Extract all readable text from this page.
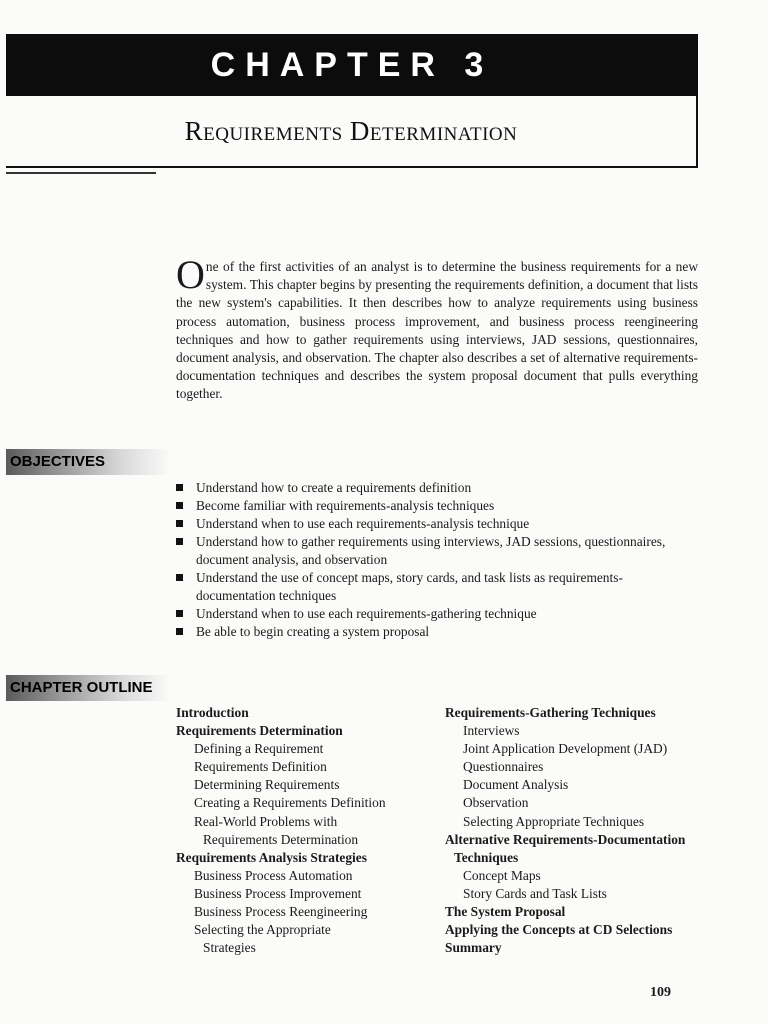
CHAPTER 3
Requirements Determination
One of the first activities of an analyst is to determine the business requirements for a new system. This chapter begins by presenting the requirements definition, a document that lists the new system's capabilities. It then describes how to analyze requirements using business process automation, business process improvement, and business process reengineering techniques and how to gather requirements using interviews, JAD sessions, questionnaires, document analysis, and observation. The chapter also describes a set of alternative requirements-documentation techniques and describes the system proposal document that pulls everything together.
OBJECTIVES
Understand how to create a requirements definition
Become familiar with requirements-analysis techniques
Understand when to use each requirements-analysis technique
Understand how to gather requirements using interviews, JAD sessions, questionnaires, document analysis, and observation
Understand the use of concept maps, story cards, and task lists as requirements-documentation techniques
Understand when to use each requirements-gathering technique
Be able to begin creating a system proposal
CHAPTER OUTLINE
Introduction
Requirements Determination
Defining a Requirement
Requirements Definition
Determining Requirements
Creating a Requirements Definition
Real-World Problems with
Requirements Determination
Requirements Analysis Strategies
Business Process Automation
Business Process Improvement
Business Process Reengineering
Selecting the Appropriate
Strategies
Requirements-Gathering Techniques
Interviews
Joint Application Development (JAD)
Questionnaires
Document Analysis
Observation
Selecting Appropriate Techniques
Alternative Requirements-Documentation
Techniques
Concept Maps
Story Cards and Task Lists
The System Proposal
Applying the Concepts at CD Selections
Summary
109
